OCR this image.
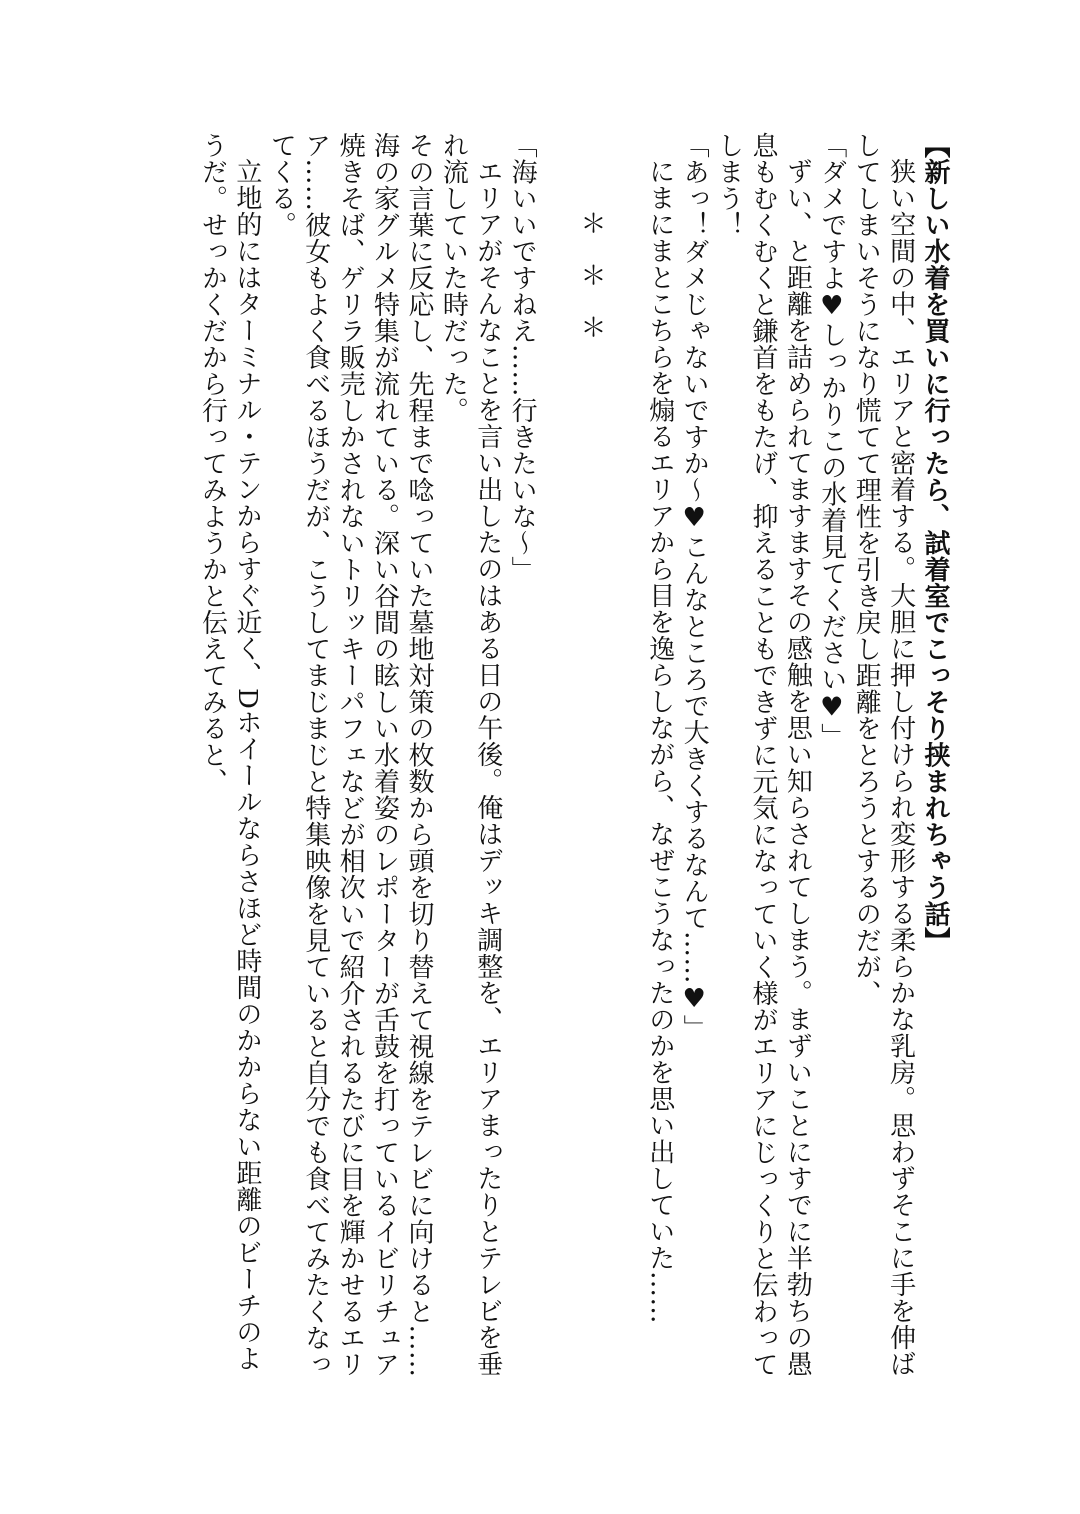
【新しい水着を買いに行ったら、試着室でこっそり挟まれちゃう話】

狭い空間の中、エリアと密着する。大胆に押し付けられ変形する柔らかな乳房。思わずそこに手を伸ばしてしまいそうになり慌てて理性を引き戻し距離をとろうとするのだが、

「ダメですよ♥しっかりこの水着見てください♥」

ずい、と距離を詰められてますますその感触を思い知らされてしまう。まずいことにすでに半勃ちの愚息もむくむくと鎌首をもたげ、抑えることもできずに元気になっていく様がエリアにじっくりと伝わってしまう！

「あっ！ダメじゃないですか～♥こんなところで大きくするなんて……♥」

にまにまとこちらを煽るエリアから目を逸らしながら、なぜこうなったのかを思い出していた……

＊＊＊

「海いいですねえ……行きたいな～」

エリアがそんなことを言い出したのはある日の午後。俺はデッキ調整を、エリアまったりとテレビを垂れ流していた時だった。

その言葉に反応し、先程まで唸っていた墓地対策の枚数から頭を切り替えて視線をテレビに向けると……海の家グルメ特集が流れている。深い谷間の眩しい水着姿のレポーターが舌鼓を打っているイビリチュア焼きそば、ゲリラ販売しかされないトリッキーパフェなどが相次いで紹介されるたびに目を輝かせるエリア……彼女もよく食べるほうだが、こうしてまじまじと特集映像を見ていると自分でも食べてみたくなってくる。

立地的にはターミナル・テンからすぐ近く、Dホイールならさほど時間のかからない距離のビーチのようだ。せっかくだから行ってみようかと伝えてみると、
